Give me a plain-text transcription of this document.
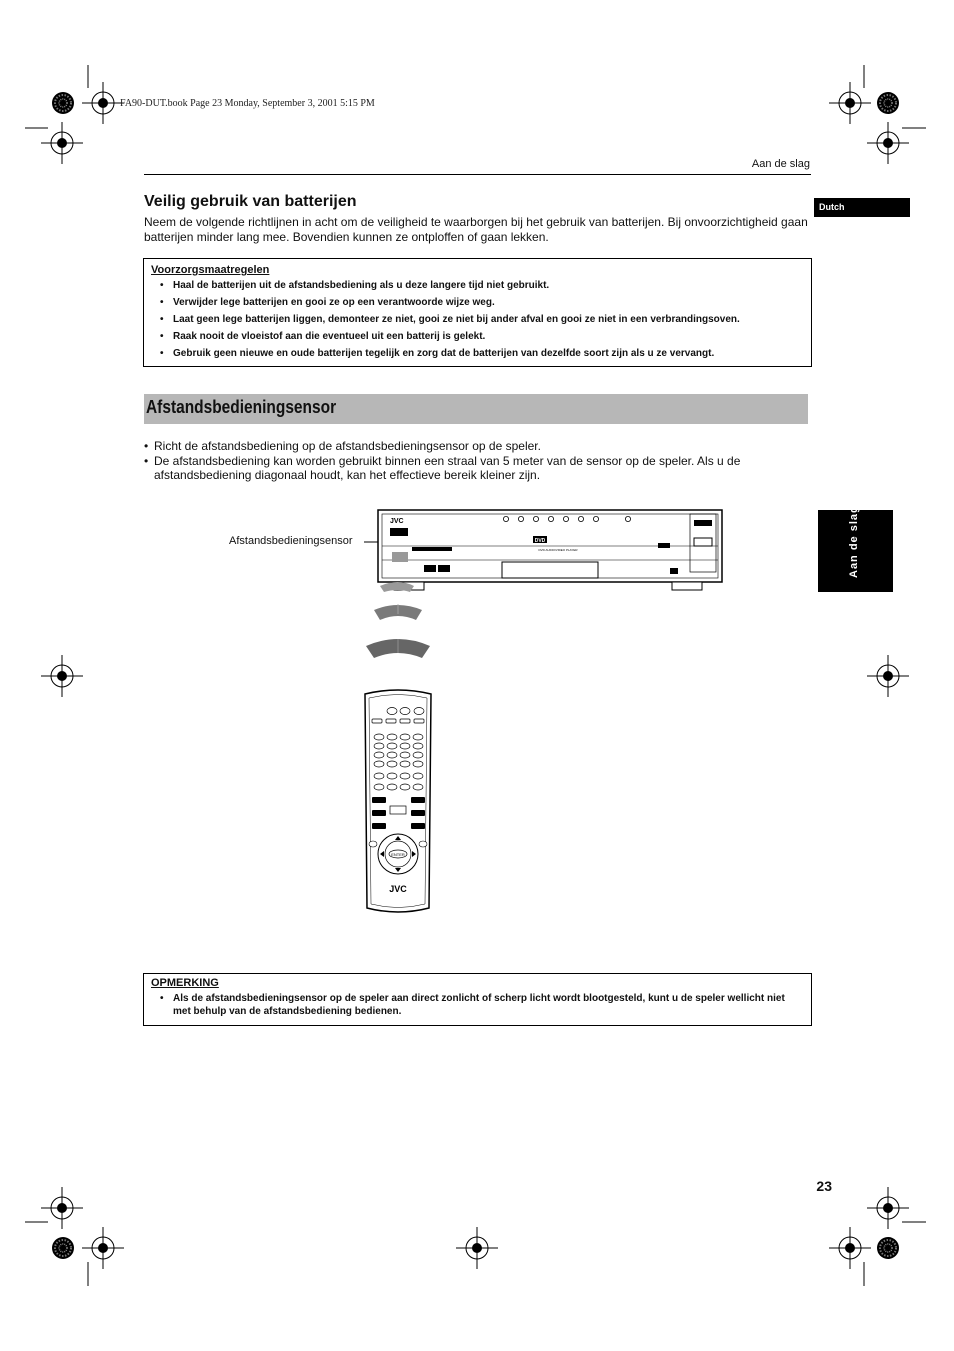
FA90-DUT.book Page 23 Monday, September 3, 2001 5:15 PM
Aan de slag
Dutch
Aan de slag
Veilig gebruik van batterijen
Neem de volgende richtlijnen in acht om de veiligheid te waarborgen bij het gebruik van batterijen. Bij onvoorzichtigheid gaan batterijen minder lang mee. Bovendien kunnen ze ontploffen of gaan lekken.
Voorzorgsmaatregelen
• Haal de batterijen uit de afstandsbediening als u deze langere tijd niet gebruikt.
• Verwijder lege batterijen en gooi ze op een verantwoorde wijze weg.
• Laat geen lege batterijen liggen, demonteer ze niet, gooi ze niet bij ander afval en gooi ze niet in een verbrandingsoven.
• Raak nooit de vloeistof aan die eventueel uit een batterij is gelekt.
• Gebruik geen nieuwe en oude batterijen tegelijk en zorg dat de batterijen van dezelfde soort zijn als u ze vervangt.
Afstandsbedieningsensor
• Richt de afstandsbediening op de afstandsbedieningsensor op de speler.
• De afstandsbediening kan worden gebruikt binnen een straal van 5 meter van de sensor op de speler. Als u de afstandsbediening diagonaal houdt, kan het effectieve bereik kleiner zijn.
Afstandsbedieningsensor
JVC
DVD
DVD AUDIO/VIDEO PLAYER
ENTER
JVC
OPMERKING
• Als de afstandsbedieningsensor op de speler aan direct zonlicht of scherp licht wordt blootgesteld, kunt u de speler wellicht niet met behulp van de afstandsbediening bedienen.
23
